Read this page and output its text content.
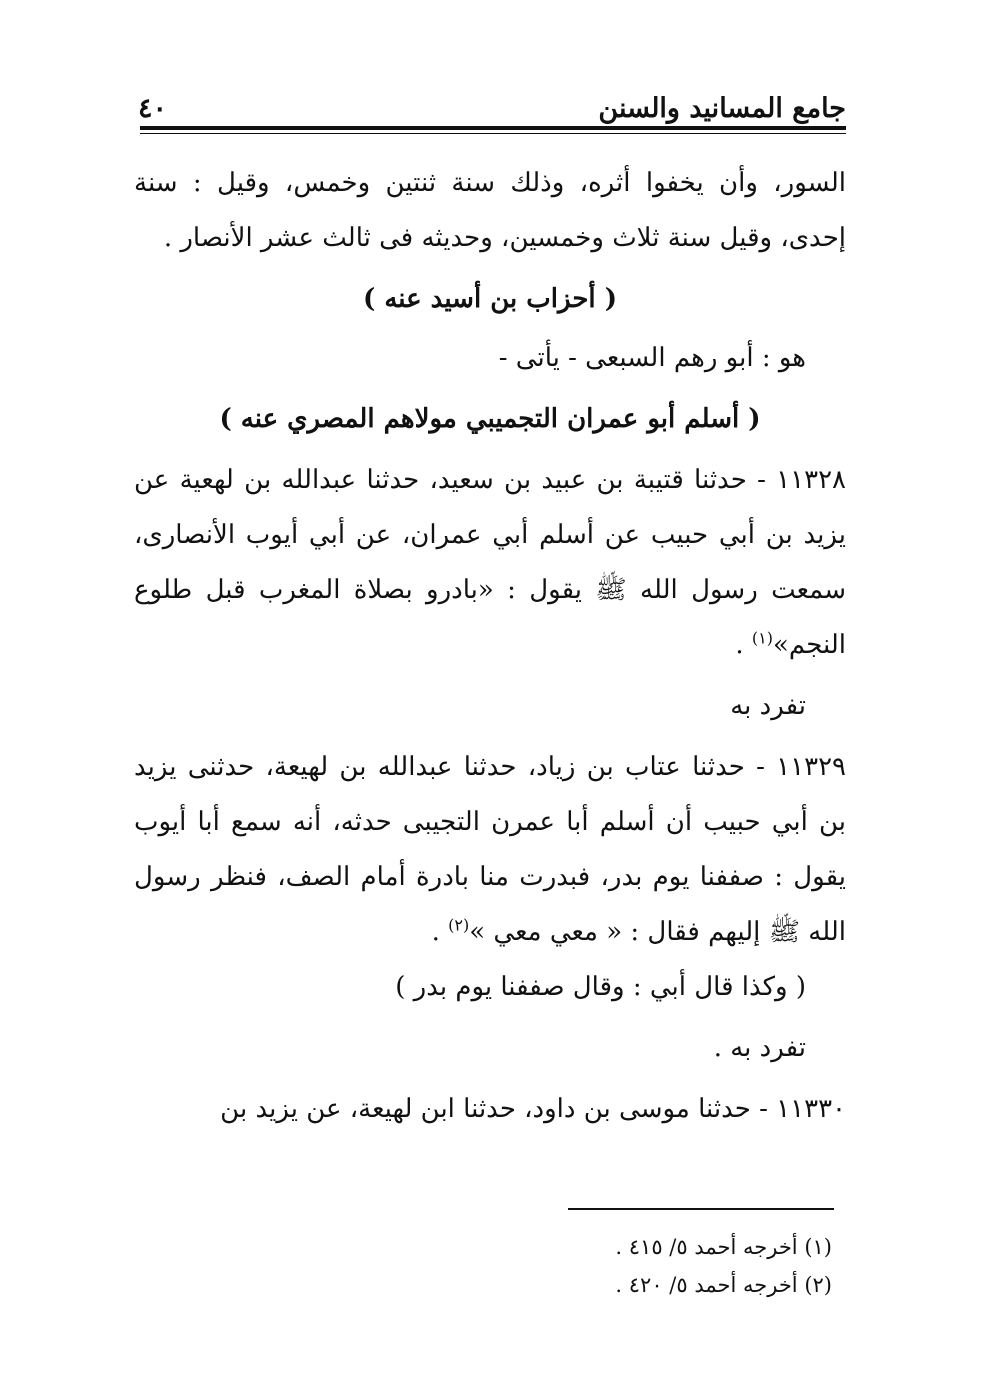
جامع المسانيد والسنن
٤٠

السور، وأن يخفوا أثره، وذلك سنة ثنتين وخمس، وقيل : سنة إحدى، وقيل سنة ثلاث وخمسين، وحديثه فى ثالث عشر الأنصار .

( أحزاب بن أسيد عنه )

هو : أبو رهم السبعى - يأتى -

( أسلم أبو عمران التجميبي مولاهم المصري عنه )

١١٣٢٨ - حدثنا قتيبة بن عبيد بن سعيد، حدثنا عبدالله بن لهعية عن يزيد بن أبي حبيب عن أسلم أبي عمران، عن أبي أيوب الأنصارى، سمعت رسول الله ﷺ يقول : «بادرو بصلاة المغرب قبل طلوع النجم»$^{(١)}$ .

تفرد به

١١٣٢٩ - حدثنا عتاب بن زياد، حدثنا عبدالله بن لهيعة، حدثنى يزيد بن أبي حبيب أن أسلم أبا عمرن التجيبى حدثه، أنه سمع أبا أيوب يقول : صففنا يوم بدر، فبدرت منا بادرة أمام الصف، فنظر رسول الله ﷺ إليهم فقال : « معي معي »$^{(٢)}$ .

( وكذا قال أبي : وقال صففنا يوم بدر )

تفرد به .

١١٣٣٠ - حدثنا موسى بن داود، حدثنا ابن لهيعة، عن يزيد بن

(١) أخرجه أحمد ٥/ ٤١٥ .

(٢) أخرجه أحمد ٥/ ٤٢٠ .
